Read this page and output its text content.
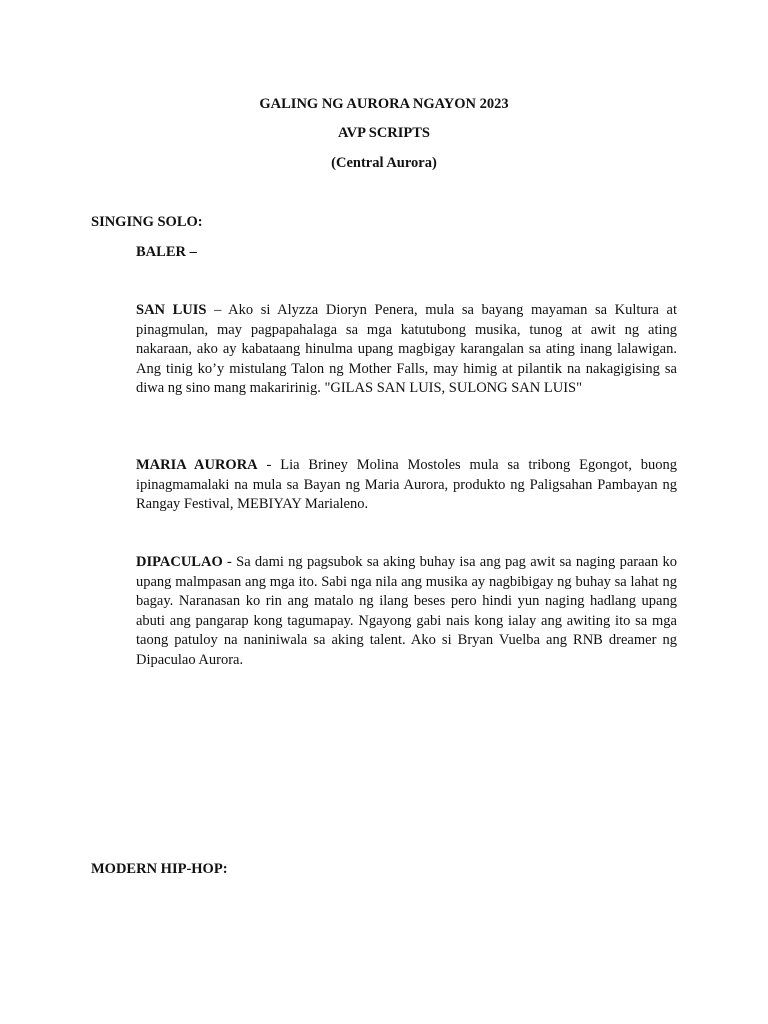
GALING NG AURORA NGAYON 2023
AVP SCRIPTS
(Central Aurora)
SINGING SOLO:
BALER –
SAN LUIS – Ako si Alyzza Dioryn Penera, mula sa bayang mayaman sa Kultura at pinagmulan, may pagpapahalaga sa mga katutubong musika, tunog at awit ng ating nakaraan, ako ay kabataang hinulma upang magbigay karangalan sa ating inang lalawigan. Ang tinig ko’y mistulang Talon ng Mother Falls, may himig at pilantik na nakagigising sa diwa ng sino mang makaririnig. "GILAS SAN LUIS, SULONG SAN LUIS"
MARIA AURORA - Lia Briney Molina Mostoles mula sa tribong Egongot, buong ipinagmamalaki na mula sa Bayan ng Maria Aurora, produkto ng Paligsahan Pambayan ng Rangay Festival, MEBIYAY Marialeno.
DIPACULAO - Sa dami ng pagsubok sa aking buhay isa ang pag awit sa naging paraan ko upang malmpasan ang mga ito. Sabi nga nila ang musika ay nagbibigay ng buhay sa lahat ng bagay. Naranasan ko rin ang matalo ng ilang beses pero hindi yun naging hadlang upang abuti ang pangarap kong tagumapay. Ngayong gabi nais kong ialay ang awiting ito sa mga taong patuloy na naniniwala sa aking talent. Ako si Bryan Vuelba ang RNB dreamer ng Dipaculao Aurora.
MODERN HIP-HOP:
